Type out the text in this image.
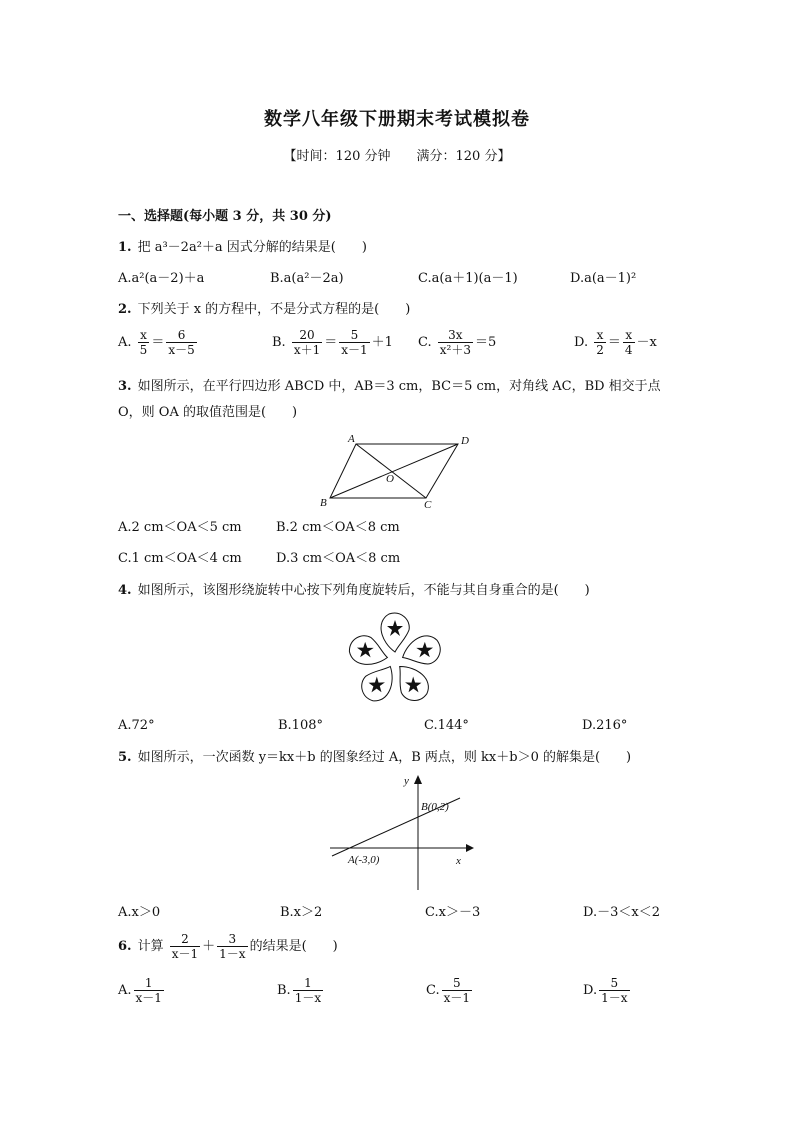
数学八年级下册期末考试模拟卷
【时间：120 分钟　　满分：120 分】
一、选择题(每小题 3 分，共 30 分)
1. 把 a³－2a²＋a 因式分解的结果是(　　)
A.a²(a－2)＋a	B.a(a²－2a)	C.a(a＋1)(a－1)	D.a(a－1)²
2. 下列关于 x 的方程中，不是分式方程的是(　　)
A. $\frac{x}{5} = \frac{6}{x-5}$	B. $\frac{20}{x+1} = \frac{5}{x-1} +1$ C. $\frac{3x}{\text{x²＋3}} =5$	D. $\frac{x}{2} = \frac{x}{4} -x$
3. 如图所示，在平行四边形 ABCD 中，AB＝3 cm，BC＝5 cm，对角线 AC，BD 相交于点
O，则 OA 的取值范围是(　　)
A	D
B	C
O
A.2 cm＜OA＜5 cm	B.2 cm＜OA＜8 cm
C.1 cm＜OA＜4 cm	D.3 cm＜OA＜8 cm
4. 如图所示，该图形绕旋转中心按下列角度旋转后，不能与其自身重合的是(　　)
A.72°	B.108°	C.144°	D.216°
5. 如图所示，一次函数 y＝kx＋b 的图象经过 A，B 两点，则 kx＋b＞0 的解集是(　　)
y
x
A(-3,0)
B(0,2)
A.x＞0	B.x＞2	C.x＞－3	D.－3＜x＜2
6. 计算 $\frac{2}{x-1} + \frac{3}{1-x}$ 的结果是(　　)
A. $\frac{1}{x-1}$	B. $\frac{1}{1-x}$	C. $\frac{5}{x-1}$	D. $\frac{5}{1-x}$
